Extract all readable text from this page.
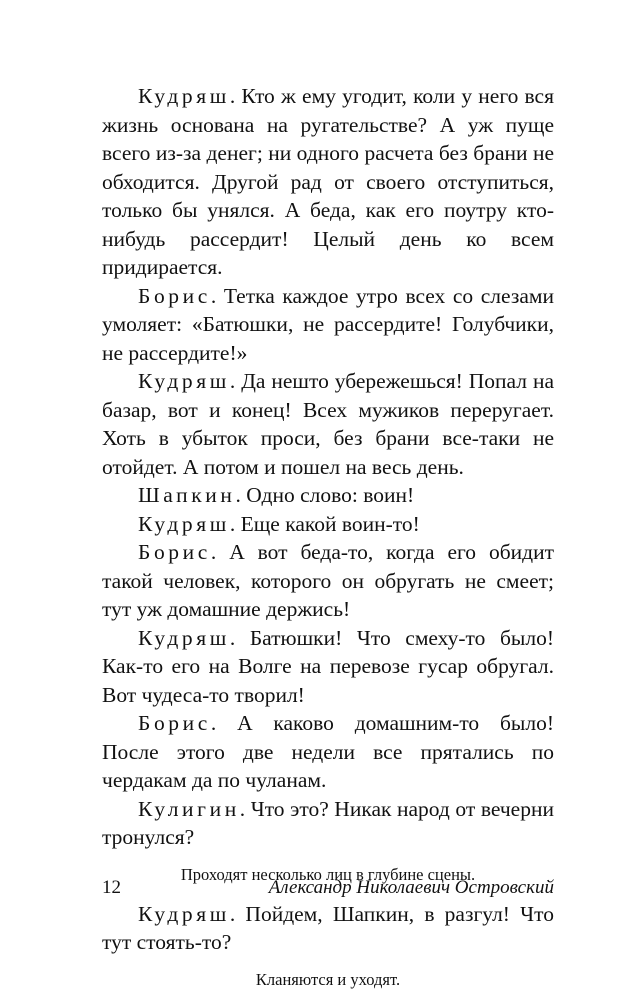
Кудряш. Кто ж ему угодит, коли у него вся жизнь основана на ругательстве? А уж пуще всего из-за денег; ни одного расчета без брани не обходится. Другой рад от своего отступиться, только бы унялся. А беда, как его поутру кто-нибудь рассердит! Целый день ко всем придирается.

Борис. Тетка каждое утро всех со слезами умоляет: «Батюшки, не рассердите! Голубчики, не рассердите!»

Кудряш. Да нешто убережешься! Попал на базар, вот и конец! Всех мужиков переругает. Хоть в убыток проси, без брани все-таки не отойдет. А потом и пошел на весь день.

Шапкин. Одно слово: воин!

Кудряш. Еще какой воин-то!

Борис. А вот беда-то, когда его обидит такой человек, которого он обругать не смеет; тут уж домашние держись!

Кудряш. Батюшки! Что смеху-то было! Как-то его на Волге на перевозе гусар обругал. Вот чудеса-то творил!

Борис. А каково домашним-то было! После этого две недели все прятались по чердакам да по чуланам.

Кулигин. Что это? Никак народ от вечерни тронулся?

Проходят несколько лиц в глубине сцены.

Кудряш. Пойдем, Шапкин, в разгул! Что тут стоять-то?

Кланяются и уходят.

12	Александр Николаевич Островский
